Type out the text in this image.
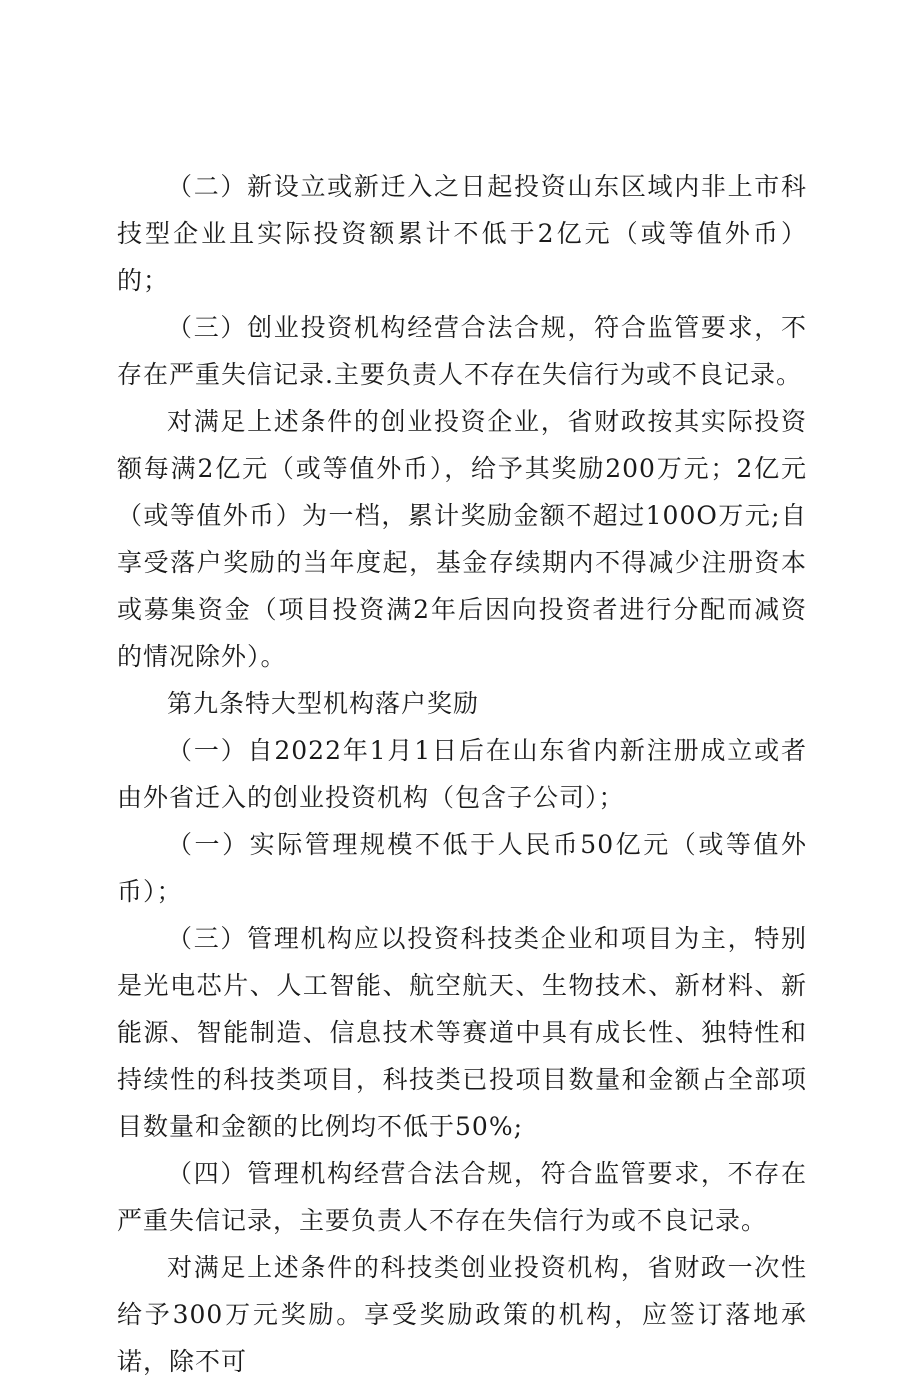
（二）新设立或新迁入之日起投资山东区域内非上市科技型企业且实际投资额累计不低于2亿元（或等值外币）的；

（三）创业投资机构经营合法合规，符合监管要求，不存在严重失信记录.主要负责人不存在失信行为或不良记录。

对满足上述条件的创业投资企业，省财政按其实际投资额每满2亿元（或等值外币），给予其奖励200万元；2亿元（或等值外币）为一档，累计奖励金额不超过100O万元;自享受落户奖励的当年度起，基金存续期内不得减少注册资本或募集资金（项目投资满2年后因向投资者进行分配而减资的情况除外）。

第九条特大型机构落户奖励

（一）自2022年1月1日后在山东省内新注册成立或者由外省迁入的创业投资机构（包含子公司）；

（一）实际管理规模不低于人民币50亿元（或等值外币）；

（三）管理机构应以投资科技类企业和项目为主，特别是光电芯片、人工智能、航空航天、生物技术、新材料、新能源、智能制造、信息技术等赛道中具有成长性、独特性和持续性的科技类项目，科技类已投项目数量和金额占全部项目数量和金额的比例均不低于50%;

（四）管理机构经营合法合规，符合监管要求，不存在严重失信记录，主要负责人不存在失信行为或不良记录。

对满足上述条件的科技类创业投资机构，省财政一次性给予300万元奖励。享受奖励政策的机构，应签订落地承诺，除不可
